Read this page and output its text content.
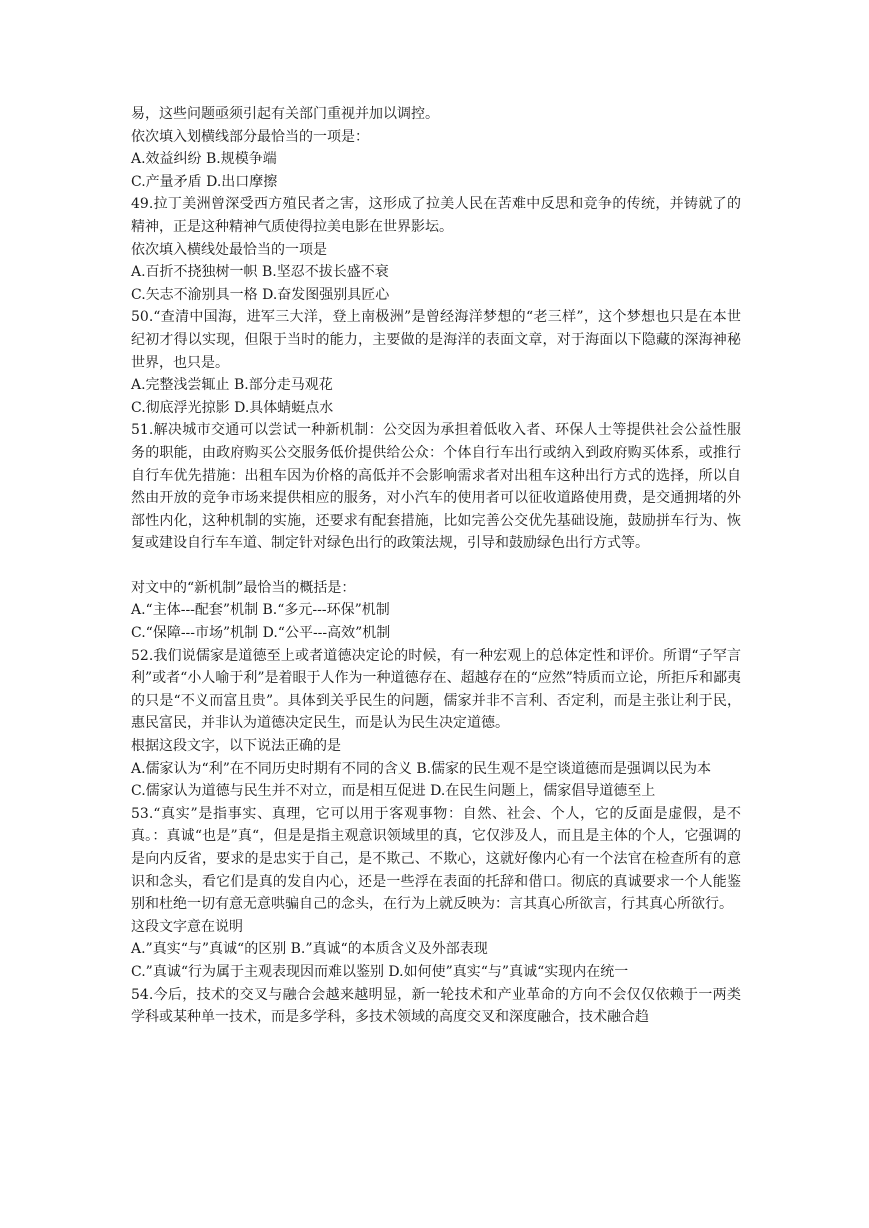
易，这些问题亟须引起有关部门重视并加以调控。

依次填入划横线部分最恰当的一项是：

A.效益纠纷 B.规模争端

C.产量矛盾 D.出口摩擦

49.拉丁美洲曾深受西方殖民者之害，这形成了拉美人民在苦难中反思和竞争的传统，并铸就了的精神，正是这种精神气质使得拉美电影在世界影坛。

依次填入横线处最恰当的一项是

A.百折不挠独树一帜 B.坚忍不拔长盛不衰

C.矢志不渝别具一格 D.奋发图强别具匠心

50.“查清中国海，进军三大洋，登上南极洲”是曾经海洋梦想的“老三样”，这个梦想也只是在本世纪初才得以实现，但限于当时的能力，主要做的是海洋的表面文章，对于海面以下隐藏的深海神秘世界，也只是。

A.完整浅尝辄止 B.部分走马观花

C.彻底浮光掠影 D.具体蜻蜓点水

51.解决城市交通可以尝试一种新机制：公交因为承担着低收入者、环保人士等提供社会公益性服务的职能，由政府购买公交服务低价提供给公众：个体自行车出行或纳入到政府购买体系，或推行自行车优先措施：出租车因为价格的高低并不会影响需求者对出租车这种出行方式的选择，所以自然由开放的竞争市场来提供相应的服务，对小汽车的使用者可以征收道路使用费，是交通拥堵的外部性内化，这种机制的实施，还要求有配套措施，比如完善公交优先基础设施，鼓励拼车行为、恢复或建设自行车车道、制定针对绿色出行的政策法规，引导和鼓励绿色出行方式等。

对文中的“新机制”最恰当的概括是：

A.“主体---配套”机制 B.“多元---环保”机制

C.“保障---市场”机制 D.“公平---高效”机制

52.我们说儒家是道德至上或者道德决定论的时候，有一种宏观上的总体定性和评价。所谓“子罕言利”或者“小人喻于利”是着眼于人作为一种道德存在、超越存在的“应然”特质而立论，所拒斥和鄙夷的只是“不义而富且贵”。具体到关乎民生的问题，儒家并非不言利、否定利，而是主张让利于民，惠民富民，并非认为道德决定民生，而是认为民生决定道德。

根据这段文字，以下说法正确的是

A.儒家认为“利”在不同历史时期有不同的含义 B.儒家的民生观不是空谈道德而是强调以民为本

C.儒家认为道德与民生并不对立，而是相互促进 D.在民生问题上，儒家倡导道德至上

53.“真实”是指事实、真理，它可以用于客观事物：自然、社会、个人，它的反面是虚假，是不真。：真诚“也是”真“，但是是指主观意识领域里的真，它仅涉及人，而且是主体的个人，它强调的是向内反省，要求的是忠实于自己，是不欺己、不欺心，这就好像内心有一个法官在检查所有的意识和念头，看它们是真的发自内心，还是一些浮在表面的托辞和借口。彻底的真诚要求一个人能鉴别和杜绝一切有意无意哄骗自己的念头，在行为上就反映为：言其真心所欲言，行其真心所欲行。

这段文字意在说明

A.”真实“与”真诚“的区别 B.”真诚“的本质含义及外部表现

C.”真诚“行为属于主观表现因而难以鉴别 D.如何使”真实“与”真诚“实现内在统一

54.今后，技术的交叉与融合会越来越明显，新一轮技术和产业革命的方向不会仅仅依赖于一两类学科或某种单一技术，而是多学科，多技术领域的高度交叉和深度融合，技术融合趋
